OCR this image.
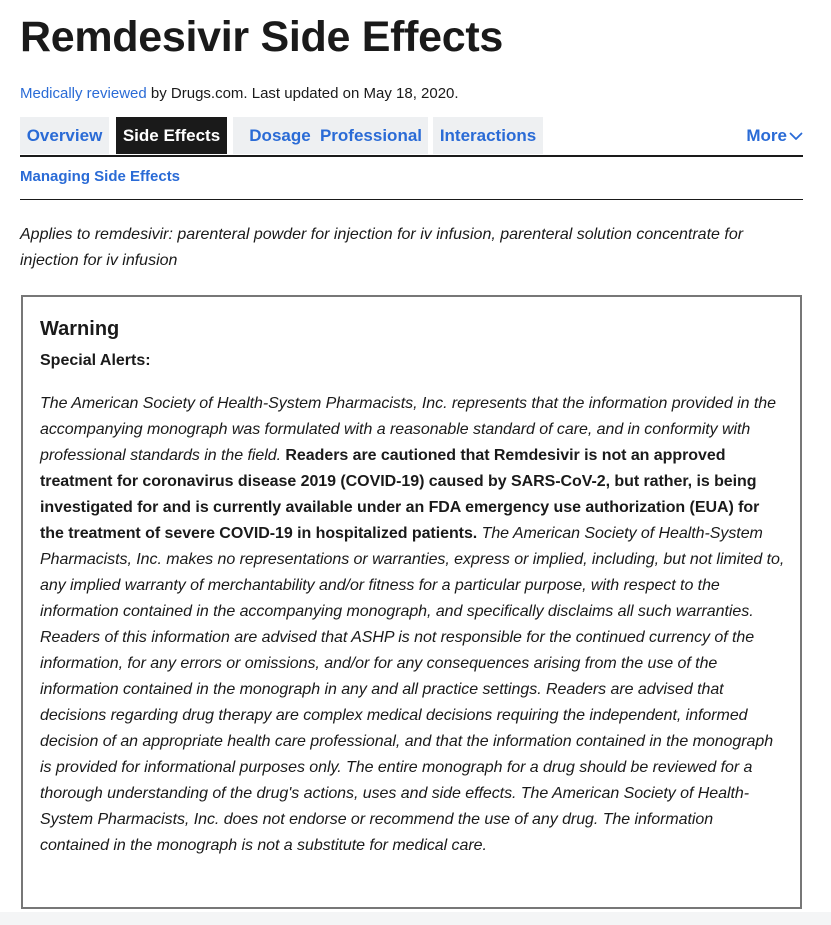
Remdesivir Side Effects
Medically reviewed by Drugs.com. Last updated on May 18, 2020.
Overview	Side Effects	Dosage Professional	Interactions	More
Managing Side Effects

Applies to remdesivir: parenteral powder for injection for iv infusion, parenteral solution concentrate for injection for iv infusion

Warning

Special Alerts:

The American Society of Health-System Pharmacists, Inc. represents that the information provided in the accompanying monograph was formulated with a reasonable standard of care, and in conformity with professional standards in the field. Readers are cautioned that Remdesivir is not an approved treatment for coronavirus disease 2019 (COVID-19) caused by SARS-CoV-2, but rather, is being investigated for and is currently available under an FDA emergency use authorization (EUA) for the treatment of severe COVID-19 in hospitalized patients. The American Society of Health-System Pharmacists, Inc. makes no representations or warranties, express or implied, including, but not limited to, any implied warranty of merchantability and/or fitness for a particular purpose, with respect to the information contained in the accompanying monograph, and specifically disclaims all such warranties. Readers of this information are advised that ASHP is not responsible for the continued currency of the information, for any errors or omissions, and/or for any consequences arising from the use of the information contained in the monograph in any and all practice settings. Readers are advised that decisions regarding drug therapy are complex medical decisions requiring the independent, informed decision of an appropriate health care professional, and that the information contained in the monograph is provided for informational purposes only. The entire monograph for a drug should be reviewed for a thorough understanding of the drug's actions, uses and side effects. The American Society of Health-System Pharmacists, Inc. does not endorse or recommend the use of any drug. The information contained in the monograph is not a substitute for medical care.
